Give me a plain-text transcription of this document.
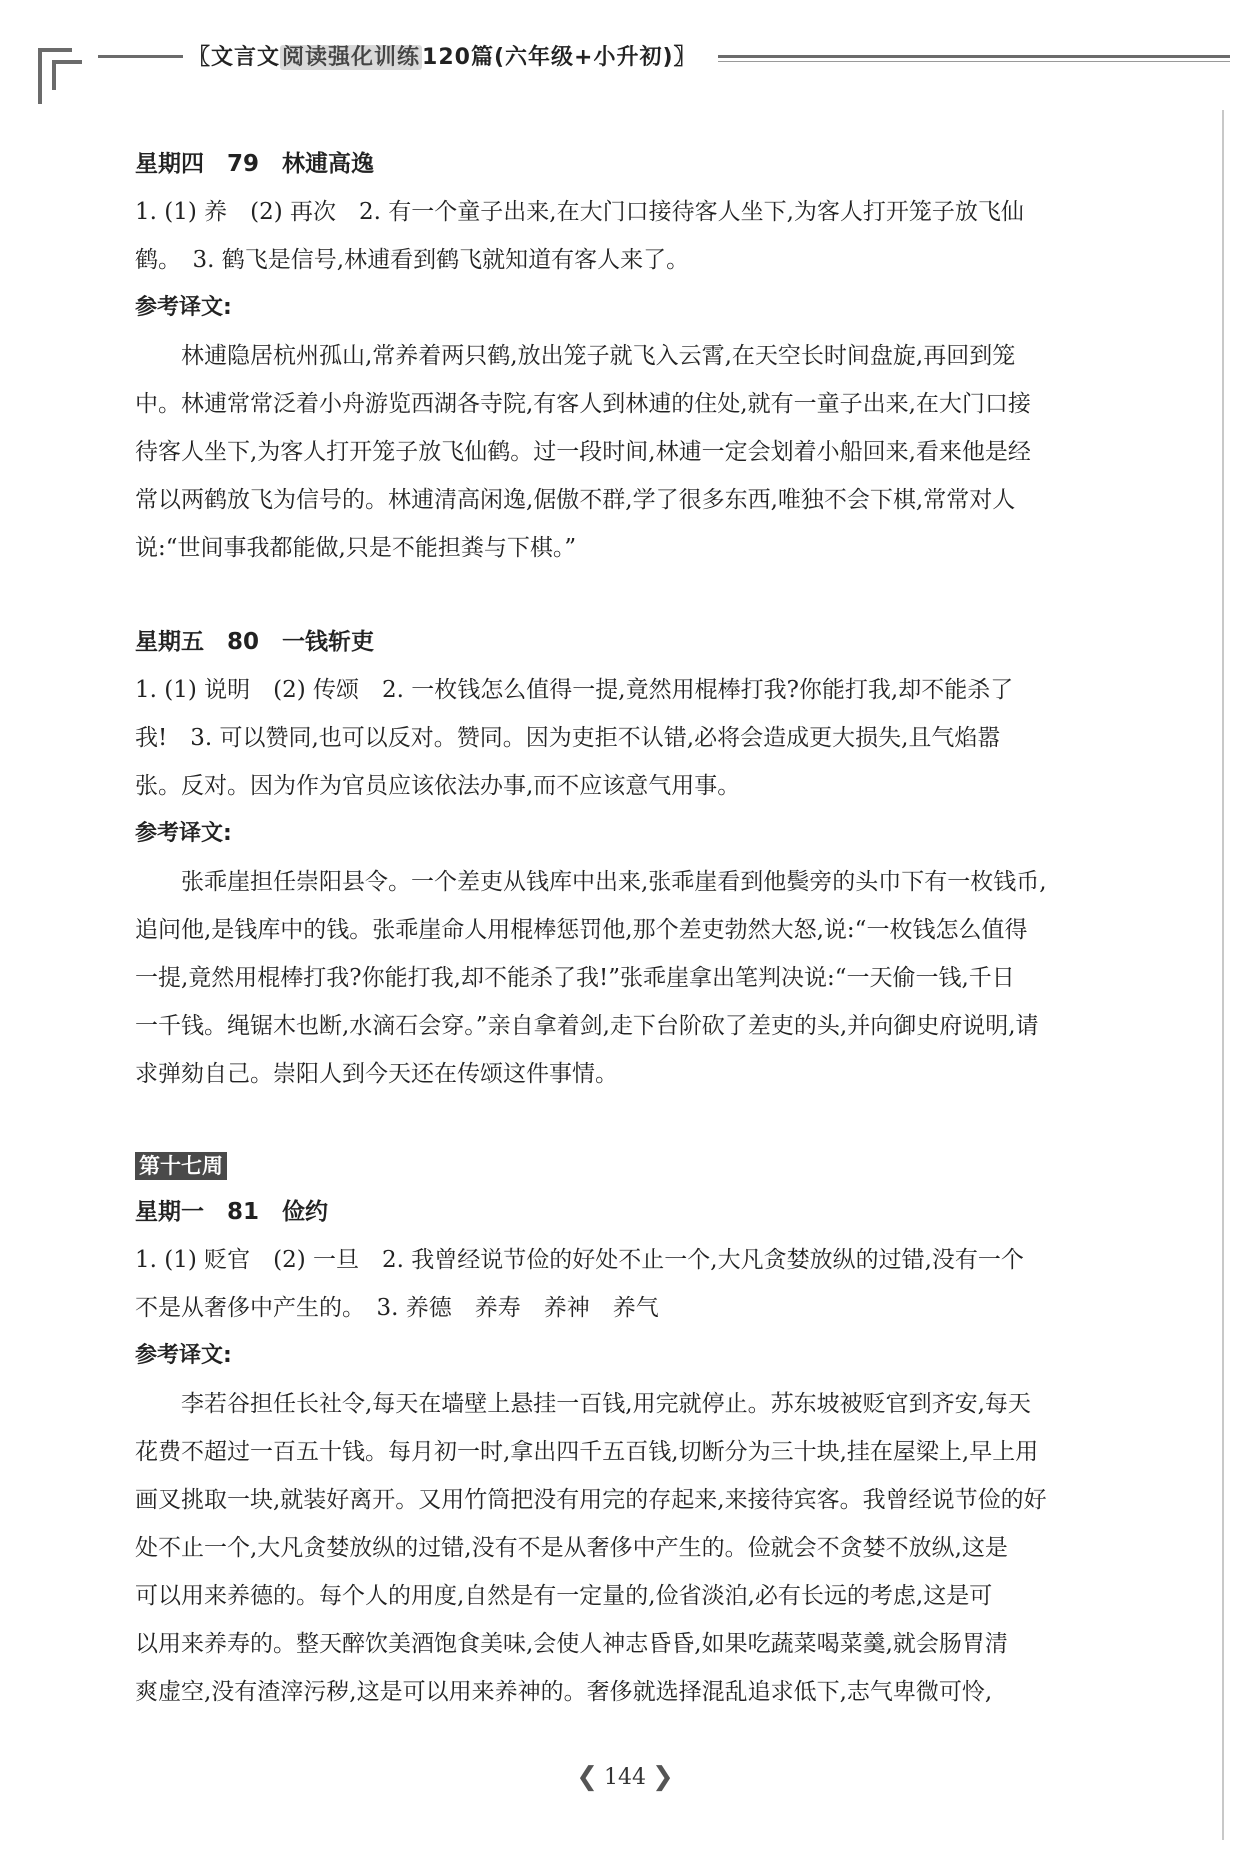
〖文言文阅读强化训练120篇(六年级+小升初)〗
星期四　79　林逋高逸
1. (1) 养　(2) 再次　2. 有一个童子出来,在大门口接待客人坐下,为客人打开笼子放飞仙
鹤。　3. 鹤飞是信号,林逋看到鹤飞就知道有客人来了。
参考译文:
林逋隐居杭州孤山,常养着两只鹤,放出笼子就飞入云霄,在天空长时间盘旋,再回到笼
中。林逋常常泛着小舟游览西湖各寺院,有客人到林逋的住处,就有一童子出来,在大门口接
待客人坐下,为客人打开笼子放飞仙鹤。过一段时间,林逋一定会划着小船回来,看来他是经
常以两鹤放飞为信号的。林逋清高闲逸,倨傲不群,学了很多东西,唯独不会下棋,常常对人
说:“世间事我都能做,只是不能担粪与下棋。”
星期五　80　一钱斩吏
1. (1) 说明　(2) 传颂　2. 一枚钱怎么值得一提,竟然用棍棒打我?你能打我,却不能杀了
我!　3. 可以赞同,也可以反对。赞同。因为吏拒不认错,必将会造成更大损失,且气焰嚣
张。反对。因为作为官员应该依法办事,而不应该意气用事。
参考译文:
张乖崖担任崇阳县令。一个差吏从钱库中出来,张乖崖看到他鬓旁的头巾下有一枚钱币,
追问他,是钱库中的钱。张乖崖命人用棍棒惩罚他,那个差吏勃然大怒,说:“一枚钱怎么值得
一提,竟然用棍棒打我?你能打我,却不能杀了我!”张乖崖拿出笔判决说:“一天偷一钱,千日
一千钱。绳锯木也断,水滴石会穿。”亲自拿着剑,走下台阶砍了差吏的头,并向御史府说明,请
求弹劾自己。崇阳人到今天还在传颂这件事情。
第十七周
星期一　81　俭约
1. (1) 贬官　(2) 一旦　2. 我曾经说节俭的好处不止一个,大凡贪婪放纵的过错,没有一个
不是从奢侈中产生的。　3. 养德　养寿　养神　养气
参考译文:
李若谷担任长社令,每天在墙壁上悬挂一百钱,用完就停止。苏东坡被贬官到齐安,每天
花费不超过一百五十钱。每月初一时,拿出四千五百钱,切断分为三十块,挂在屋梁上,早上用
画叉挑取一块,就装好离开。又用竹筒把没有用完的存起来,来接待宾客。我曾经说节俭的好
处不止一个,大凡贪婪放纵的过错,没有不是从奢侈中产生的。俭就会不贪婪不放纵,这是
可以用来养德的。每个人的用度,自然是有一定量的,俭省淡泊,必有长远的考虑,这是可
以用来养寿的。整天醉饮美酒饱食美味,会使人神志昏昏,如果吃蔬菜喝菜羹,就会肠胃清
爽虚空,没有渣滓污秽,这是可以用来养神的。奢侈就选择混乱追求低下,志气卑微可怜,
❮ 144 ❯
